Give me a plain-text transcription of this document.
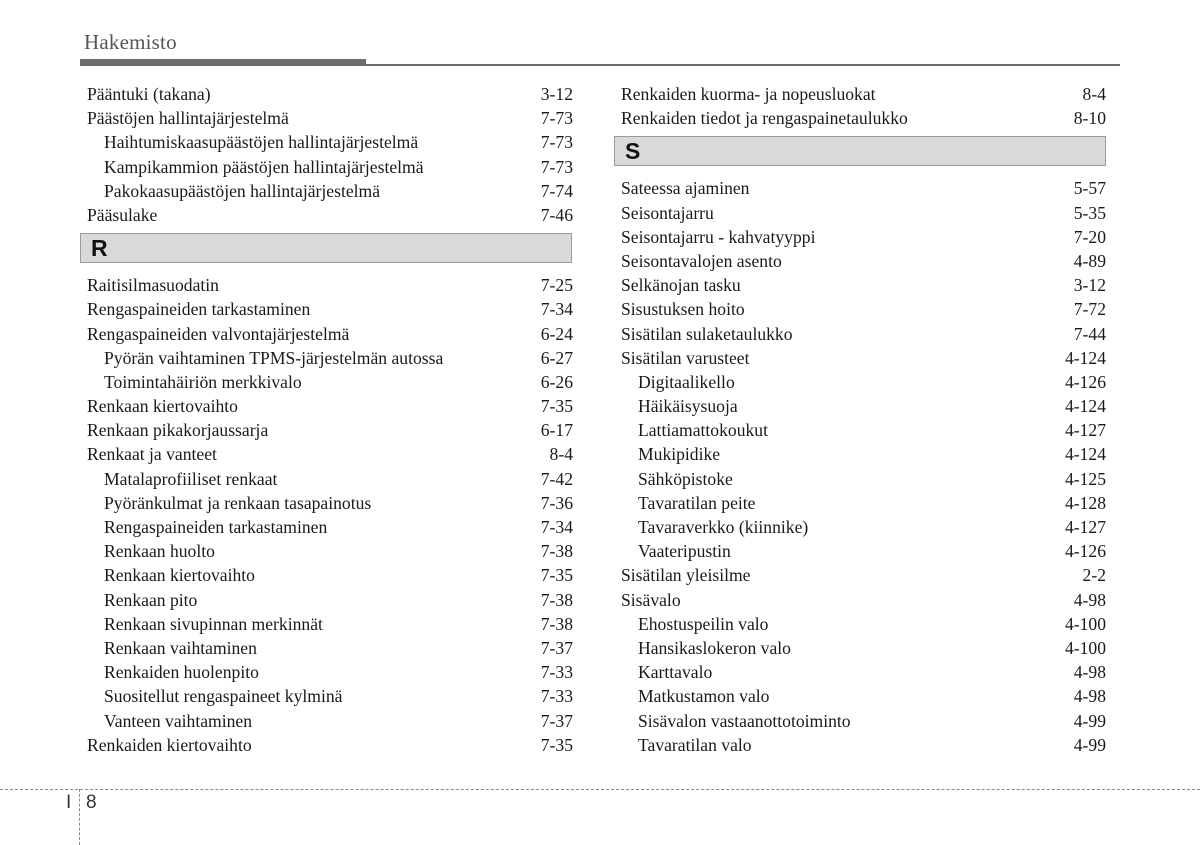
Hakemisto
Pääntuki (takana)	3-12
Päästöjen hallintajärjestelmä	7-73
Haihtumiskaasupäästöjen hallintajärjestelmä	7-73
Kampikammion päästöjen hallintajärjestelmä	7-73
Pakokaasupäästöjen hallintajärjestelmä	7-74
Pääsulake	7-46
R
Raitisilmasuodatin	7-25
Rengaspaineiden tarkastaminen	7-34
Rengaspaineiden valvontajärjestelmä	6-24
Pyörän vaihtaminen TPMS-järjestelmän autossa	6-27
Toimintahäiriön merkkivalo	6-26
Renkaan kiertovaihto	7-35
Renkaan pikakorjaussarja	6-17
Renkaat ja vanteet	8-4
Matalaprofiiliset renkaat	7-42
Pyöränkulmat ja renkaan tasapainotus	7-36
Rengaspaineiden tarkastaminen	7-34
Renkaan huolto	7-38
Renkaan kiertovaihto	7-35
Renkaan pito	7-38
Renkaan sivupinnan merkinnät	7-38
Renkaan vaihtaminen	7-37
Renkaiden huolenpito	7-33
Suositellut rengaspaineet kylminä	7-33
Vanteen vaihtaminen	7-37
Renkaiden kiertovaihto	7-35
Renkaiden kuorma- ja nopeusluokat	8-4
Renkaiden tiedot ja rengaspainetaulukko	8-10
S
Sateessa ajaminen	5-57
Seisontajarru	5-35
Seisontajarru - kahvatyyppi	7-20
Seisontavalojen asento	4-89
Selkänojan tasku	3-12
Sisustuksen hoito	7-72
Sisätilan sulaketaulukko	7-44
Sisätilan varusteet	4-124
Digitaalikello	4-126
Häikäisysuoja	4-124
Lattiamattokoukut	4-127
Mukipidike	4-124
Sähköpistoke	4-125
Tavaratilan peite	4-128
Tavaraverkko (kiinnike)	4-127
Vaateripustin	4-126
Sisätilan yleisilme	2-2
Sisävalo	4-98
Ehostuspeilin valo	4-100
Hansikaslokeron valo	4-100
Karttavalo	4-98
Matkustamon valo	4-98
Sisävalon vastaanottotoiminto	4-99
Tavaratilan valo	4-99
I 8
